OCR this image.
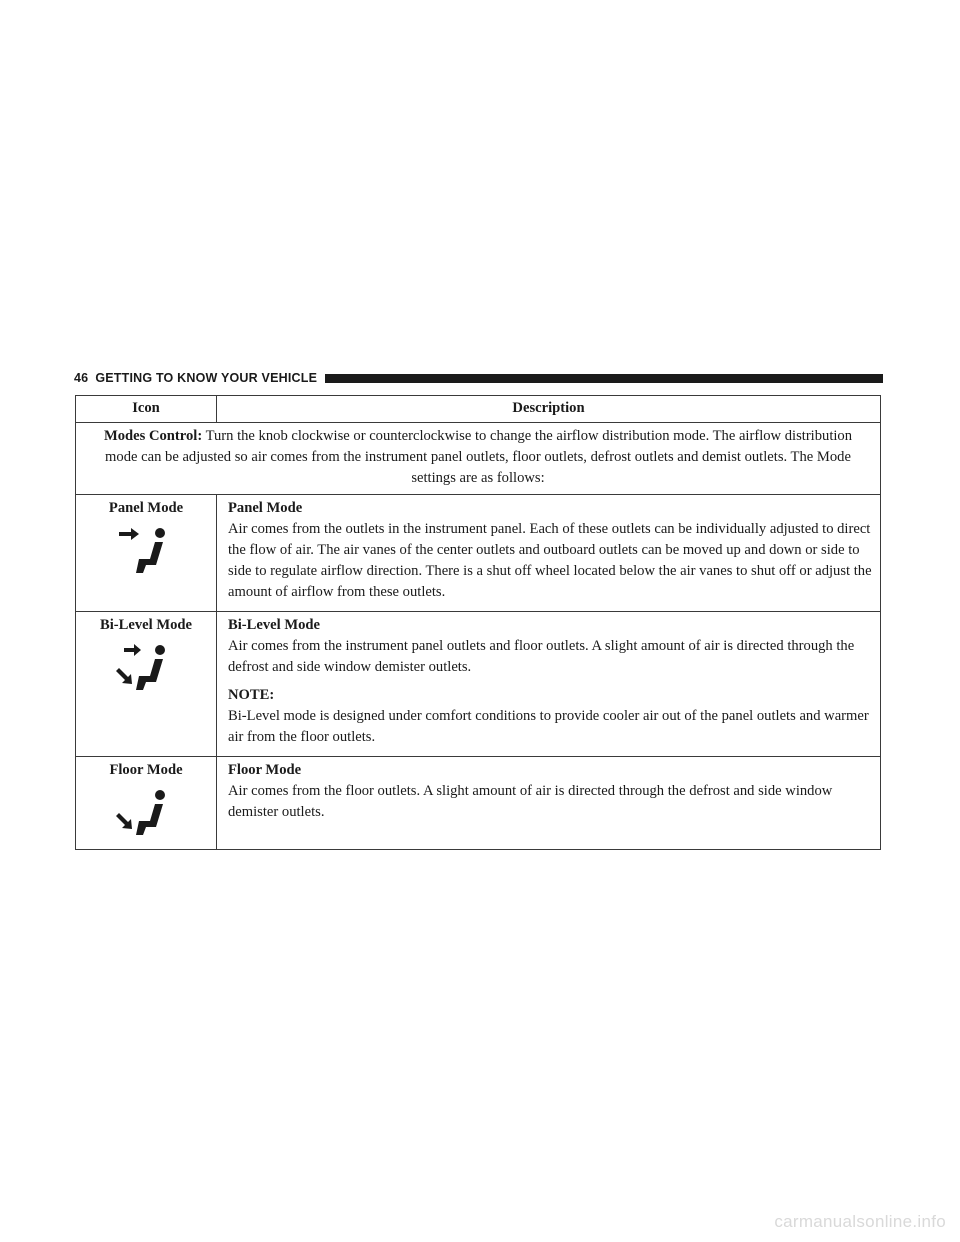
46 GETTING TO KNOW YOUR VEHICLE
Icon	Description
Modes Control: Turn the knob clockwise or counterclockwise to change the airflow distribution mode. The airflow distribution mode can be adjusted so air comes from the instrument panel outlets, floor outlets, defrost outlets and demist outlets. The Mode settings are as follows:	

Panel Mode	Panel Mode
Air comes from the outlets in the instrument panel. Each of these outlets can be individually adjusted to direct the flow of air. The air vanes of the center outlets and outboard outlets can be moved up and down or side to side to regulate airflow direction. There is a shut off wheel located below the air vanes to shut off or adjust the amount of airflow from these outlets.

Bi-Level Mode	Bi-Level Mode
Air comes from the instrument panel outlets and floor outlets. A slight amount of air is directed through the defrost and side window demister outlets.
NOTE:
Bi-Level mode is designed under comfort conditions to provide cooler air out of the panel outlets and warmer air from the floor outlets.

Floor Mode	Floor Mode
Air comes from the floor outlets. A slight amount of air is directed through the defrost and side window demister outlets.
carmanualsonline.info
